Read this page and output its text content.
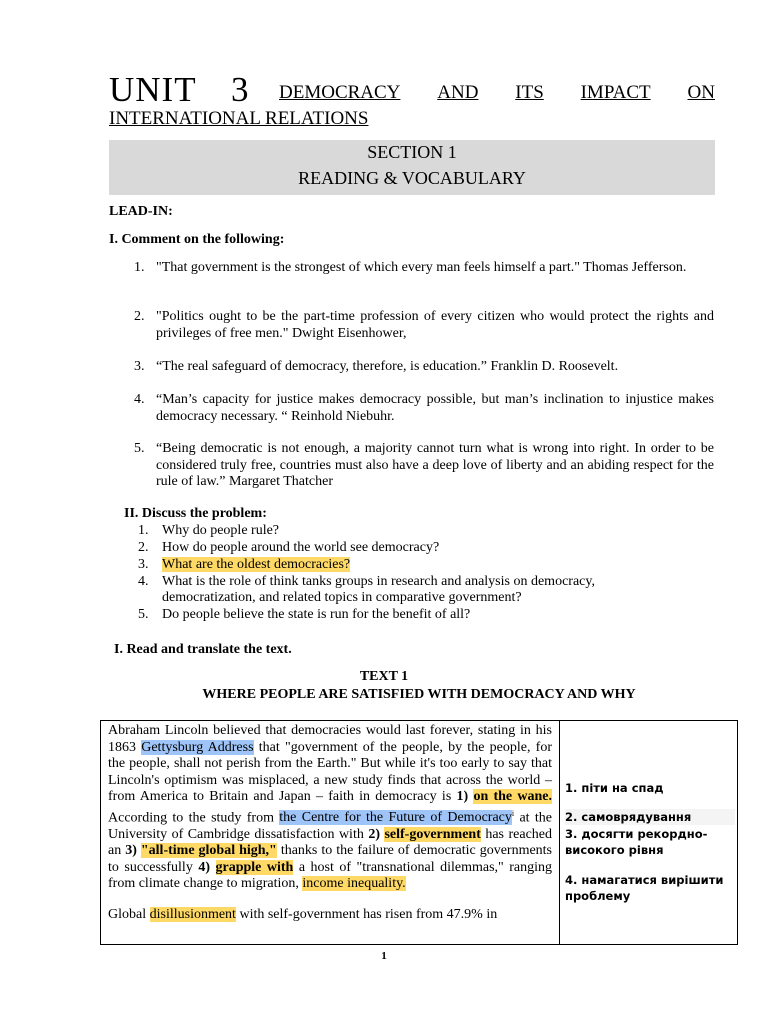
UNIT 3 DEMOCRACY AND ITS IMPACT ON
INTERNATIONAL RELATIONS
SECTION 1
READING & VOCABULARY
LEAD-IN:
I. Comment on the following:
1. "That government is the strongest of which every man feels himself a part." Thomas Jefferson.
2. "Politics ought to be the part-time profession of every citizen who would protect the rights and privileges of free men." Dwight Eisenhower,
3. “The real safeguard of democracy, therefore, is education.” Franklin D. Roosevelt.
4. “Man’s capacity for justice makes democracy possible, but man’s inclination to injustice makes democracy necessary. “ Reinhold Niebuhr.
5. “Being democratic is not enough, a majority cannot turn what is wrong into right. In order to be considered truly free, countries must also have a deep love of liberty and an abiding respect for the rule of law.” Margaret Thatcher
II. Discuss the problem:
1. Why do people rule?
2. How do people around the world see democracy?
3. What are the oldest democracies?
4. What is the role of think tanks groups in research and analysis on democracy, democratization, and related topics in comparative government?
5. Do people believe the state is run for the benefit of all?
I. Read and translate the text.
TEXT 1
WHERE PEOPLE ARE SATISFIED WITH DEMOCRACY AND WHY
Abraham Lincoln believed that democracies would last forever, stating in his 1863 Gettysburg Address that "government of the people, by the people, for the people, shall not perish from the Earth." But while it's too early to say that Lincoln's optimism was misplaced, a new study finds that across the world – from America to Britain and Japan – faith in democracy is 1) on the wane. According to the study from the Centre for the Future of Democracy$^i$ at the University of Cambridge dissatisfaction with 2) self-government has reached an 3) "all-time global high," thanks to the failure of democratic governments to successfully 4) grapple with a host of "transnational dilemmas," ranging from climate change to migration, income inequality.
Global disillusionment with self-government has risen from 47.9% in
1. піти на спад
2. самоврядування
3. досягти рекордно-високого рівня
4. намагатися вирішити проблему
1
